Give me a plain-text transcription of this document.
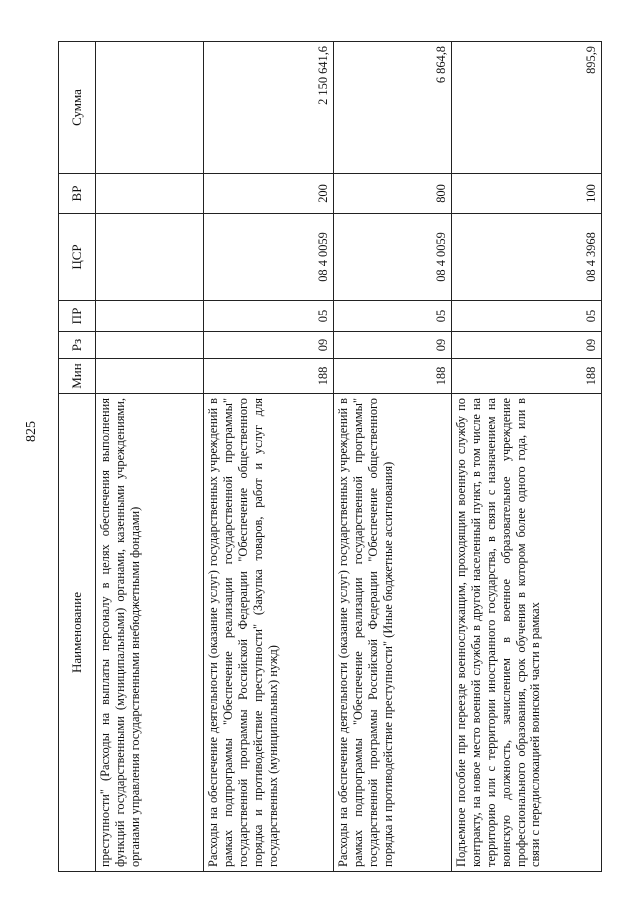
825
Наименование	Мин	Рз	ПР	ЦСР	ВР	Сумма
преступности" (Расходы на выплаты персоналу в целях обеспечения выполнения функций государственными (муниципальными) органами, казенными учреждениями, органами управления государственными внебюджетными фондами)						
Расходы на обеспечение деятельности (оказание услуг) государственных учреждений в рамках подпрограммы "Обеспечение реализации государственной программы" государственной программы Российской Федерации "Обеспечение общественного порядка и противодействие преступности" (Закупка товаров, работ и услуг для государственных (муниципальных) нужд)	188	09	05	08 4 0059	200	2 150 641,6
Расходы на обеспечение деятельности (оказание услуг) государственных учреждений в рамках подпрограммы "Обеспечение реализации государственной программы" государственной программы Российской Федерации "Обеспечение общественного порядка и противодействие преступности" (Иные бюджетные ассигнования)	188	09	05	08 4 0059	800	6 864,8
Подъемное пособие при переезде военнослужащим, проходящим военную службу по контракту, на новое место военной службы в другой населенный пункт, в том числе на территорию или с территории иностранного государства, в связи с назначением на воинскую должность, зачислением в военное образовательное учреждение профессионального образования, срок обучения в котором более одного года, или в связи с передислокацией воинской части в рамках	188	09	05	08 4 3968	100	895,9
